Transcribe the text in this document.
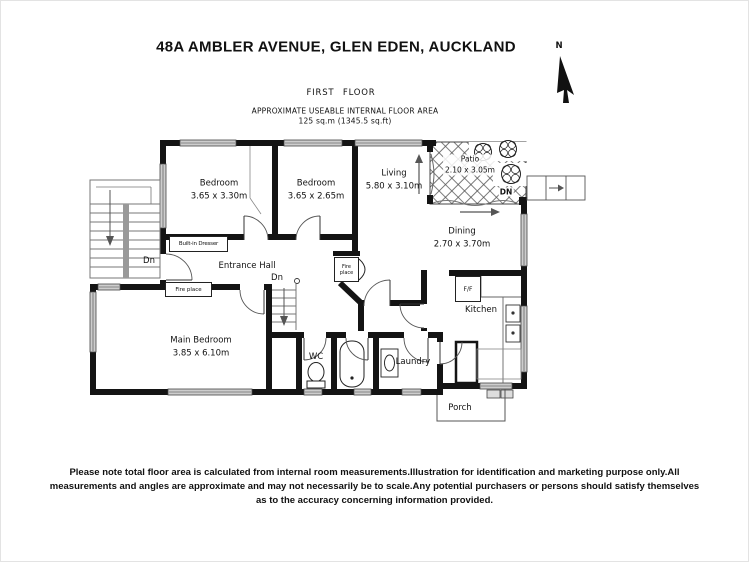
48A AMBLER AVENUE, GLEN EDEN, AUCKLAND
FIRST FLOOR
APPROXIMATE USEABLE INTERNAL FLOOR AREA
125 sq.m (1345.5 sq.ft)
N
Bedroom
3.65 x 3.30m
Bedroom
3.65 x 2.65m
Living
5.80 x 3.10m
Patio
2.10 x 3.05m
Dining
2.70 x 3.70m
Main Bedroom
3.85 x 6.10m
Kitchen
Entrance Hall
WC	Laundry
Porch
Built-in Dresser
Fire place
Fire place	F/F
Dn
Dn
DN
Please note total floor area is calculated from internal room measurements.Illustration for identification and marketing purpose only.All
measurements and angles are approximate and may not necessarily be to scale.Any potential purchasers or persons should satisfy themselves
as to the accuracy concerning information provided.
